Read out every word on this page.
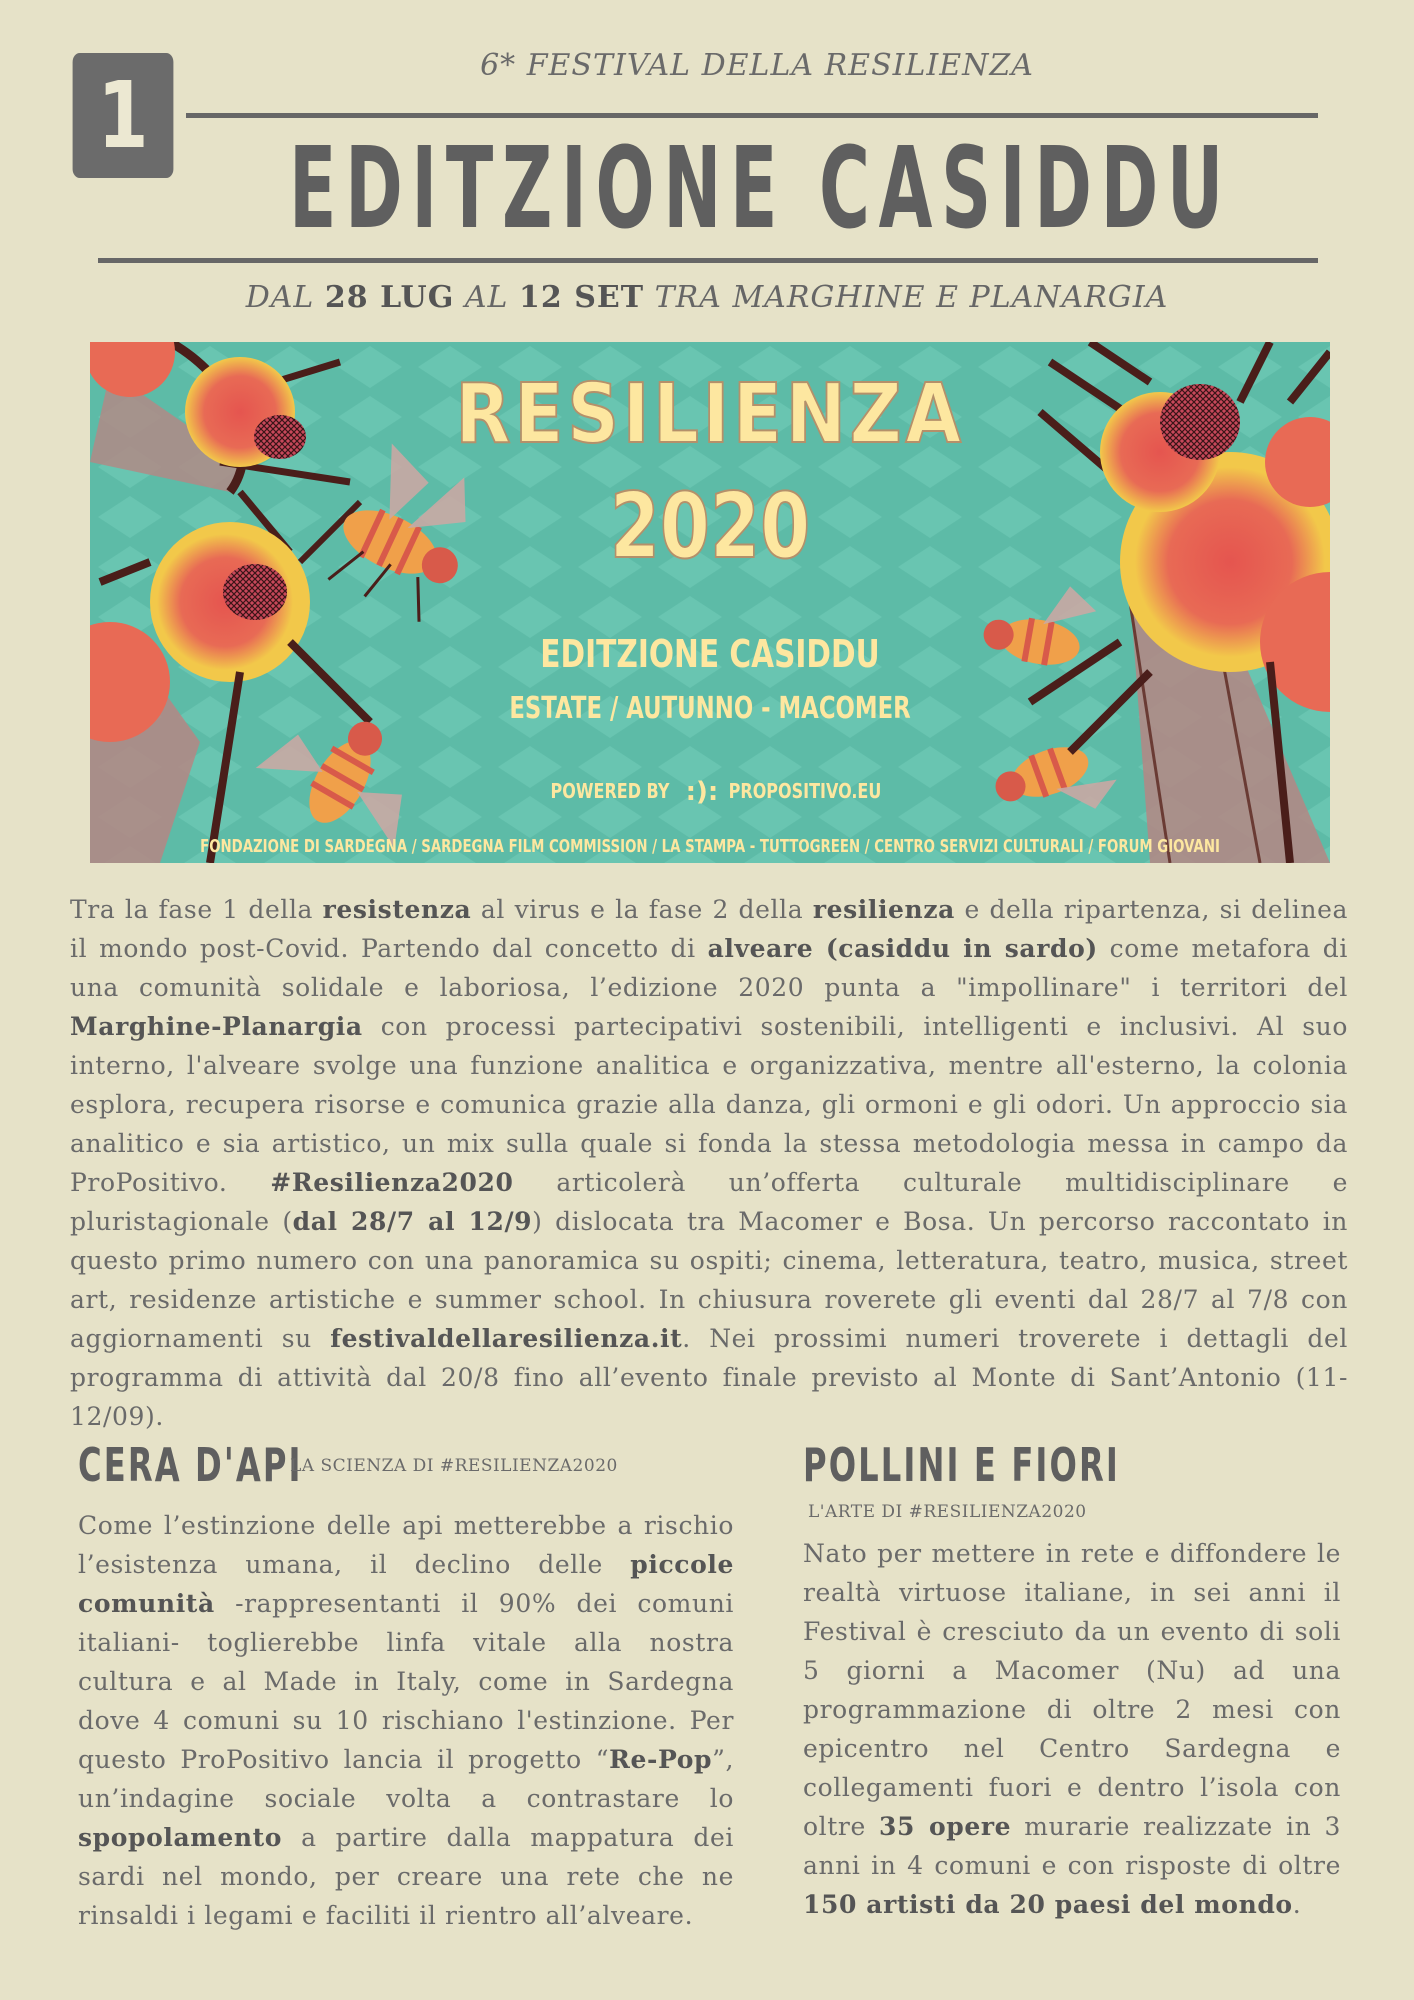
1	6* FESTIVAL DELLA RESILIENZA
EDITZIONE CASIDDU
DAL 28 LUG AL 12 SET TRA MARGHINE E PLANARGIA
RESILIENZA
2020
EDITZIONE CASIDDU
ESTATE / AUTUNNO - MACOMER
POWERED BY :): PROPOSITIVO.EU
FONDAZIONE DI SARDEGNA / SARDEGNA FILM COMMISSION / LA STAMPA - TUTTOGREEN / CENTRO SERVIZI CULTURALI / FORUM GIOVANI
Tra la fase 1 della resistenza al virus e la fase 2 della resilienza e della ripartenza, si delinea il mondo post-Covid. Partendo dal concetto di alveare (casiddu in sardo) come metafora di una comunità solidale e laboriosa, l’edizione 2020 punta a "impollinare" i territori del Marghine-Planargia con processi partecipativi sostenibili, intelligenti e inclusivi. Al suo interno, l'alveare svolge una funzione analitica e organizzativa, mentre all'esterno, la colonia esplora, recupera risorse e comunica grazie alla danza, gli ormoni e gli odori. Un approccio sia analitico e sia artistico, un mix sulla quale si fonda la stessa metodologia messa in campo da ProPositivo. #Resilienza2020 articolerà un’offerta culturale multidisciplinare e pluristagionale (dal 28/7 al 12/9) dislocata tra Macomer e Bosa. Un percorso raccontato in questo primo numero con una panoramica su ospiti; cinema, letteratura, teatro, musica, street art, residenze artistiche e summer school. In chiusura roverete gli eventi dal 28/7 al 7/8 con aggiornamenti su festivaldellaresilienza.it. Nei prossimi numeri troverete i dettagli del programma di attività dal 20/8 fino all’evento finale previsto al Monte di Sant’Antonio (11-12/09).
CERA D'API
LA SCIENZA DI #RESILIENZA2020
Come l’estinzione delle api metterebbe a rischio l’esistenza umana, il declino delle piccole comunità -rappresentanti il 90% dei comuni italiani- toglierebbe linfa vitale alla nostra cultura e al Made in Italy, come in Sardegna dove 4 comuni su 10 rischiano l'estinzione. Per questo ProPositivo lancia il progetto “Re-Pop”, un’indagine sociale volta a contrastare lo spopolamento a partire dalla mappatura dei sardi nel mondo, per creare una rete che ne rinsaldi i legami e faciliti il rientro all’alveare.
POLLINI E FIORI
L'ARTE DI #RESILIENZA2020
Nato per mettere in rete e diffondere le realtà virtuose italiane, in sei anni il Festival è cresciuto da un evento di soli 5 giorni a Macomer (Nu) ad una programmazione di oltre 2 mesi con epicentro nel Centro Sardegna e collegamenti fuori e dentro l’isola con oltre 35 opere murarie realizzate in 3 anni in 4 comuni e con risposte di oltre 150 artisti da 20 paesi del mondo.
